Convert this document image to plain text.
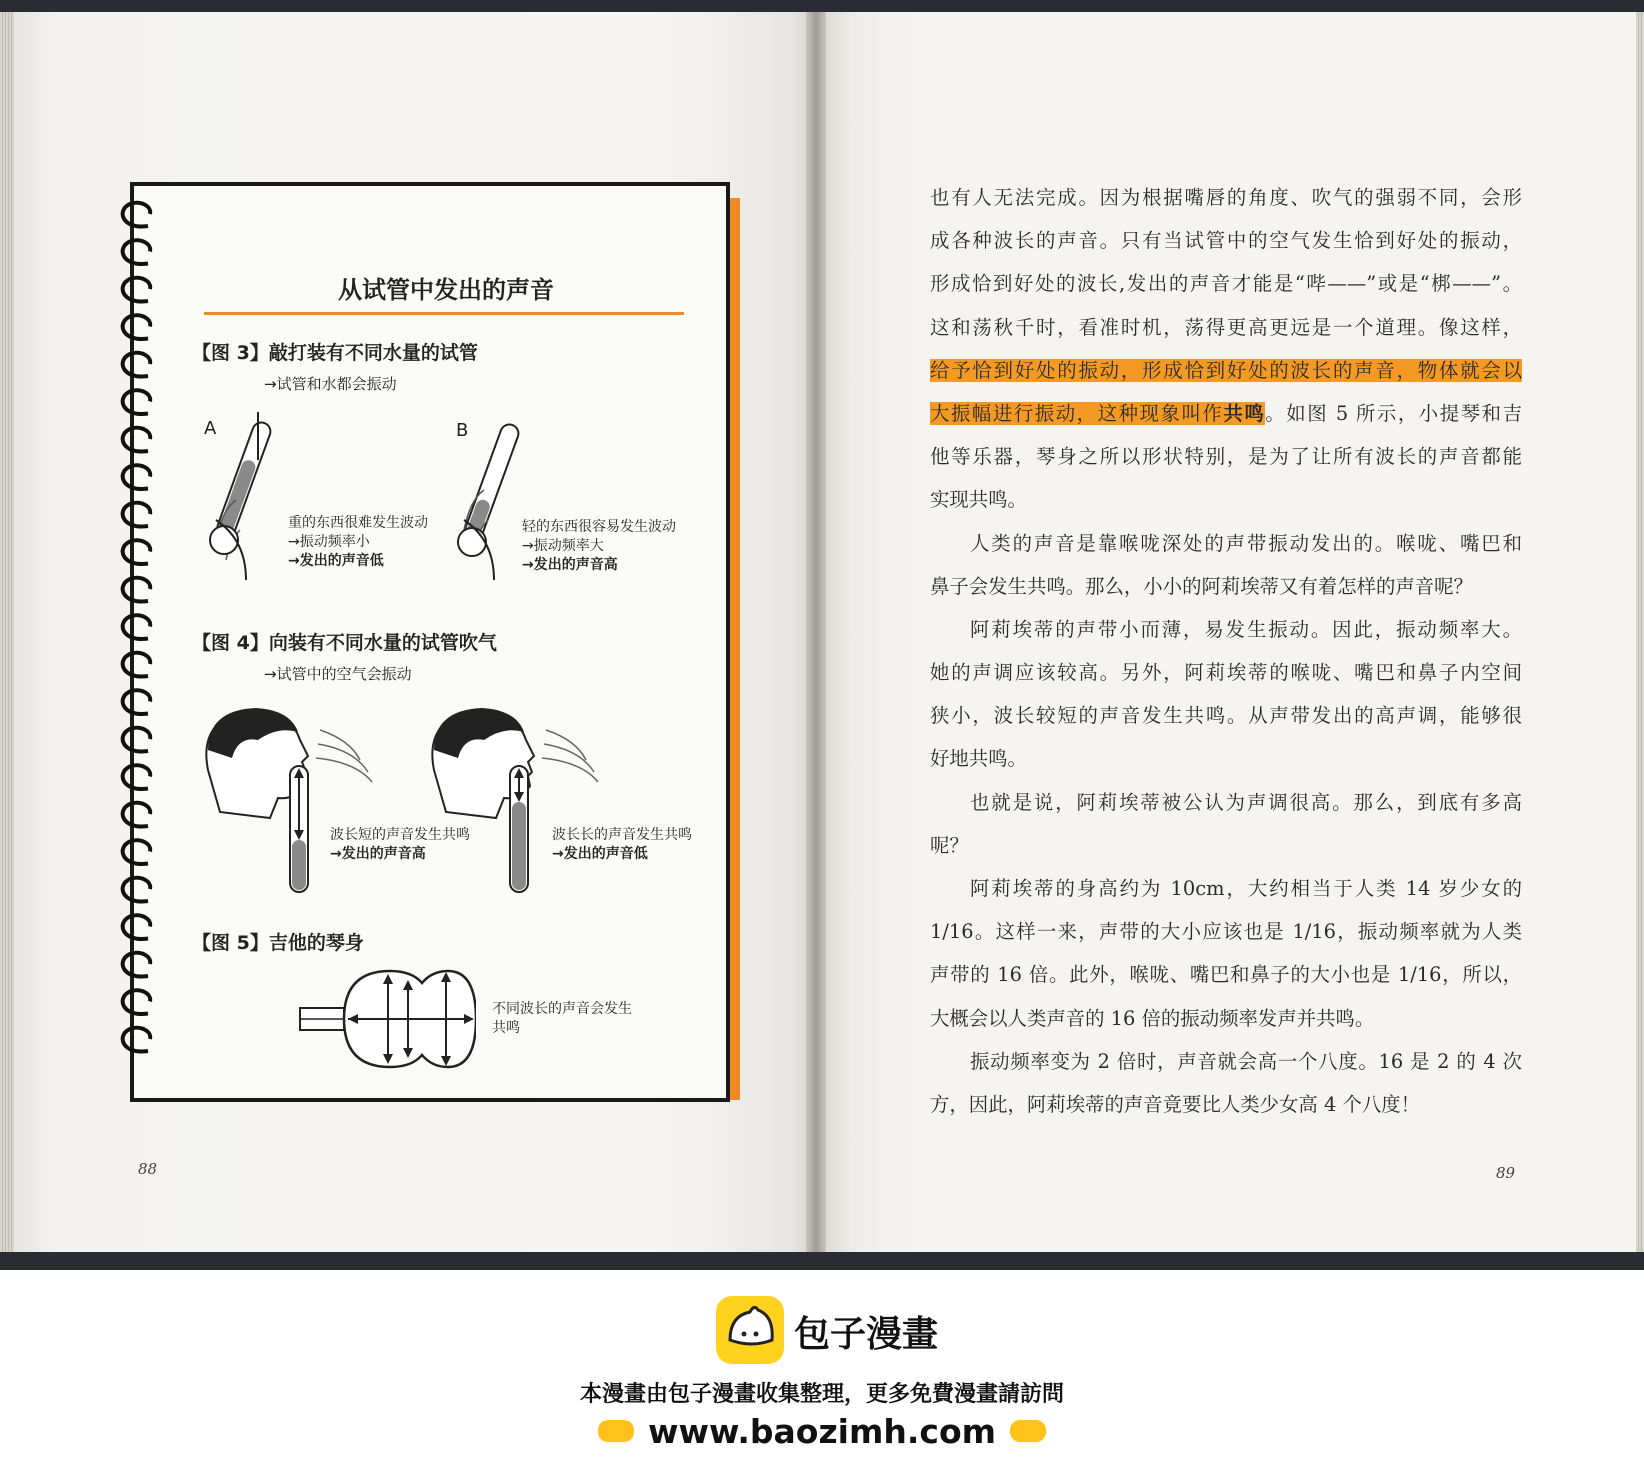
从试管中发出的声音
【图 3】敲打装有不同水量的试管
→试管和水都会振动
A	B
重的东西很难发生波动
→振动频率小
→发出的声音低
轻的东西很容易发生波动
→振动频率大
→发出的声音高
【图 4】向装有不同水量的试管吹气
→试管中的空气会振动
波长短的声音发生共鸣
→发出的声音高
波长长的声音发生共鸣
→发出的声音低
【图 5】吉他的琴身
不同波长的声音会发生
共鸣
88	89
也有人无法完成。因为根据嘴唇的角度、吹气的强弱不同，会形
成各种波长的声音。只有当试管中的空气发生恰到好处的振动，
形成恰到好处的波长,发出的声音才能是“哔——”或是“梆——”。
这和荡秋千时，看准时机，荡得更高更远是一个道理。像这样，
给予恰到好处的振动，形成恰到好处的波长的声音，物体就会以
大振幅进行振动，这种现象叫作共鸣。如图 5 所示，小提琴和吉
他等乐器，琴身之所以形状特别，是为了让所有波长的声音都能
实现共鸣。
人类的声音是靠喉咙深处的声带振动发出的。喉咙、嘴巴和
鼻子会发生共鸣。那么，小小的阿莉埃蒂又有着怎样的声音呢？
阿莉埃蒂的声带小而薄，易发生振动。因此，振动频率大。
她的声调应该较高。另外，阿莉埃蒂的喉咙、嘴巴和鼻子内空间
狭小，波长较短的声音发生共鸣。从声带发出的高声调，能够很
好地共鸣。
也就是说，阿莉埃蒂被公认为声调很高。那么，到底有多高
呢？
阿莉埃蒂的身高约为 10cm，大约相当于人类 14 岁少女的
1/16。这样一来，声带的大小应该也是 1/16，振动频率就为人类
声带的 16 倍。此外，喉咙、嘴巴和鼻子的大小也是 1/16，所以，
大概会以人类声音的 16 倍的振动频率发声并共鸣。
振动频率变为 2 倍时，声音就会高一个八度。16 是 2 的 4 次
方，因此，阿莉埃蒂的声音竟要比人类少女高 4 个八度！
包子漫畫
本漫畫由包子漫畫收集整理，更多免費漫畫請訪問
www.baozimh.com
